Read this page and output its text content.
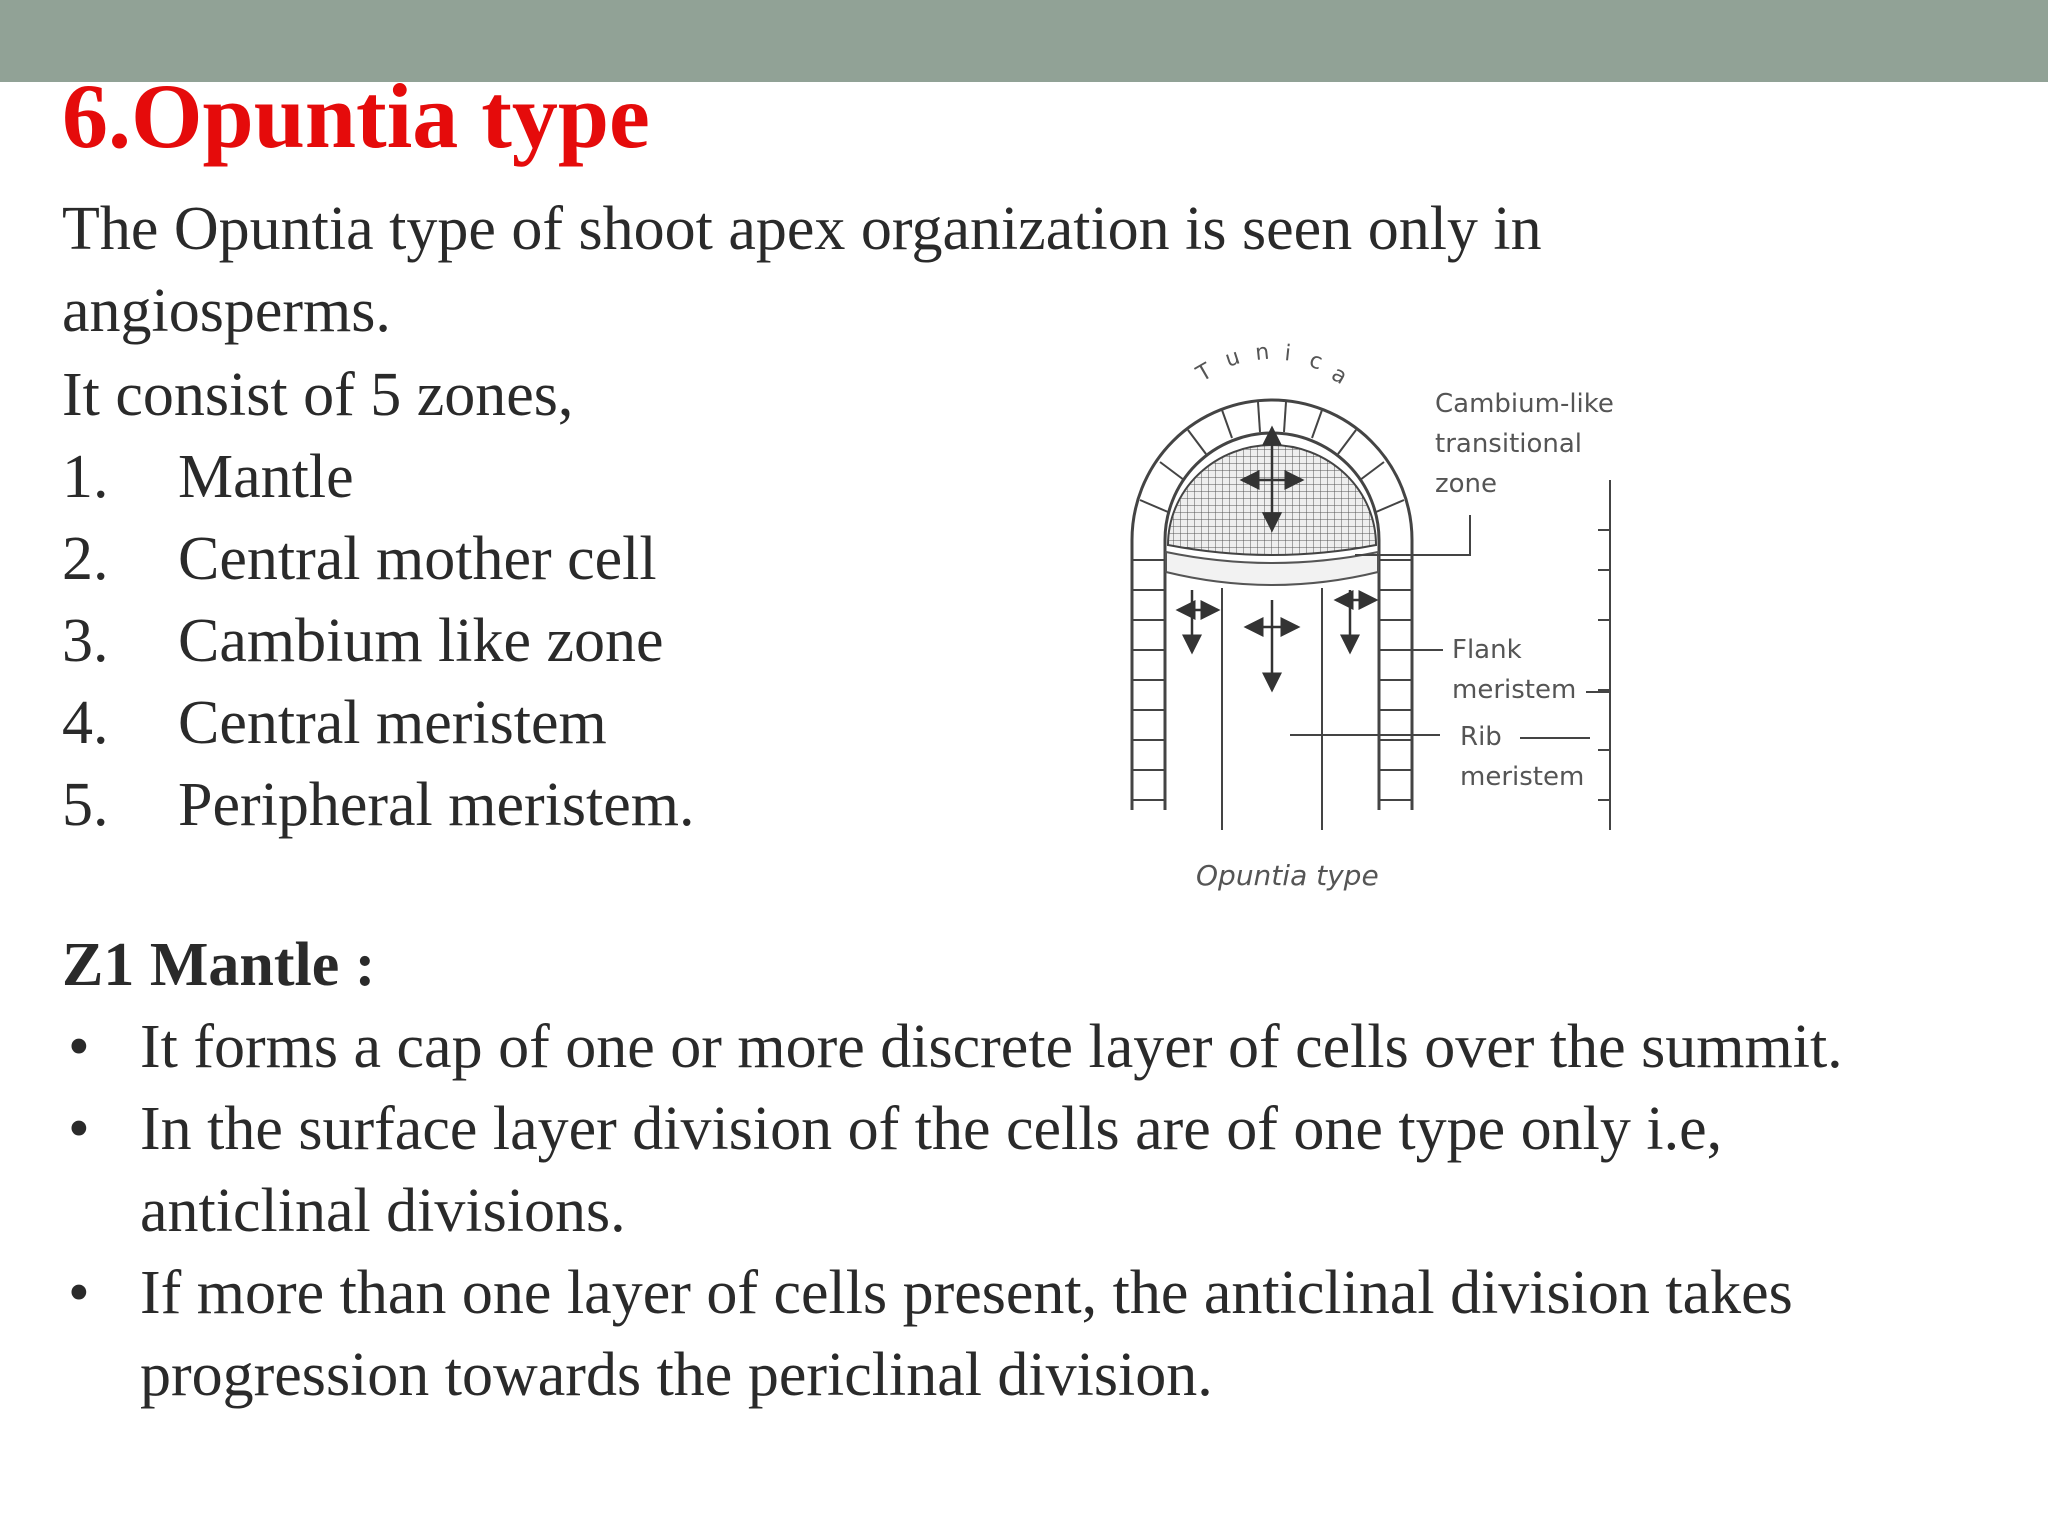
6.Opuntia type

The Opuntia type of shoot apex organization is seen only in

angiosperms.

It consist of 5 zones,

1. Mantle
2. Central mother cell
3. Cambium like zone
4. Central meristem
5. Peripheral meristem.
T
u n i c a
Cambium-like
transitional
zone
Flank
meristem
Rib
meristem
Opuntia type
Z1 Mantle :
• It forms a cap of one or more discrete layer of cells over the summit.
• In the surface layer division of the cells are of one type only i.e, anticlinal divisions.
• If more than one layer of cells present, the anticlinal division takes progression towards the periclinal division.
